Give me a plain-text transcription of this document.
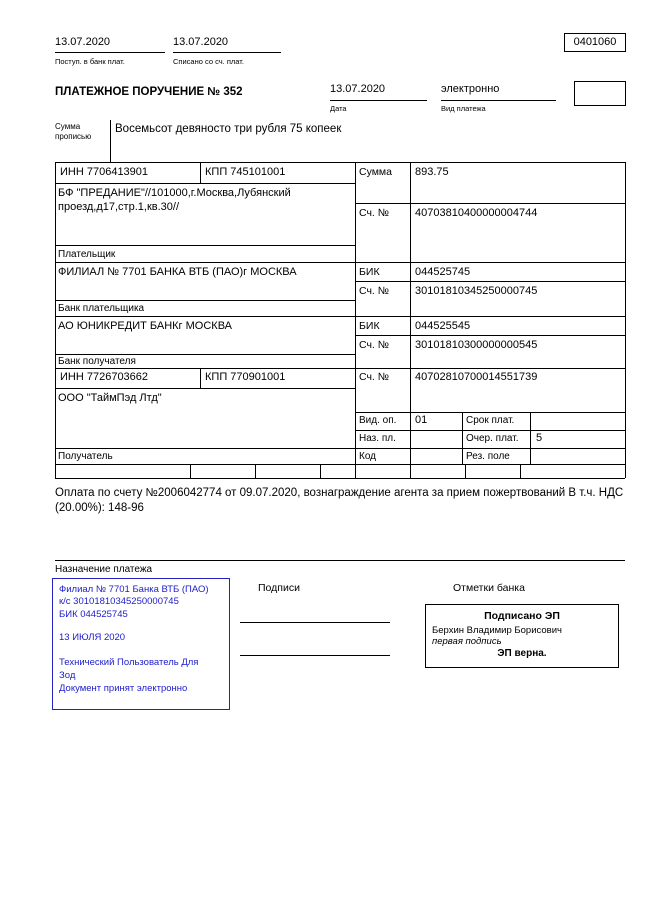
13.07.2020	13.07.2020
Поступ. в банк плат.	Списано со сч. плат.
0401060
ПЛАТЕЖНОЕ ПОРУЧЕНИЕ № 352	13.07.2020
Дата
электронно
Вид платежа
Сумма прописью
Восемьсот девяносто три рубля 75 копеек
ИНН 7706413901	КПП 745101001	Сумма 893.75
БФ "ПРЕДАНИЕ"//101000,г.Москва,Лубянский проезд,д17,стр.1,кв.30//
Сч. № 40703810400000004744
Плательщик
ФИЛИАЛ № 7701 БАНКА ВТБ (ПАО)г МОСКВА	БИК	044525745
Сч. № 30101810345250000745
Банк плательщика
АО ЮНИКРЕДИТ БАНКг МОСКВА	БИК	044525545
Сч. № 30101810300000000545
Банк получателя
ИНН 7726703662	КПП 770901001	Сч. № 40702810700014551739
ООО "ТаймПэд Лтд"
Получатель
Вид. оп. 01	Срок плат.
Наз. пл.	Очер. плат. 5
Код	Рез. поле
Оплата по счету №2006042774 от 09.07.2020, вознаграждение агента за прием пожертвований В т.ч. НДС (20.00%): 148-96
Назначение платежа
Подписи	Отметки банка

Филиал № 7701 Банка ВТБ (ПАО)

к/с 30101810345250000745

БИК 044525745

13 ИЮЛЯ 2020

Технический Пользователь Для Зод

Документ принят электронно

Подписано ЭП
Берхин Владимир Борисович
первая подпись
ЭП верна.
